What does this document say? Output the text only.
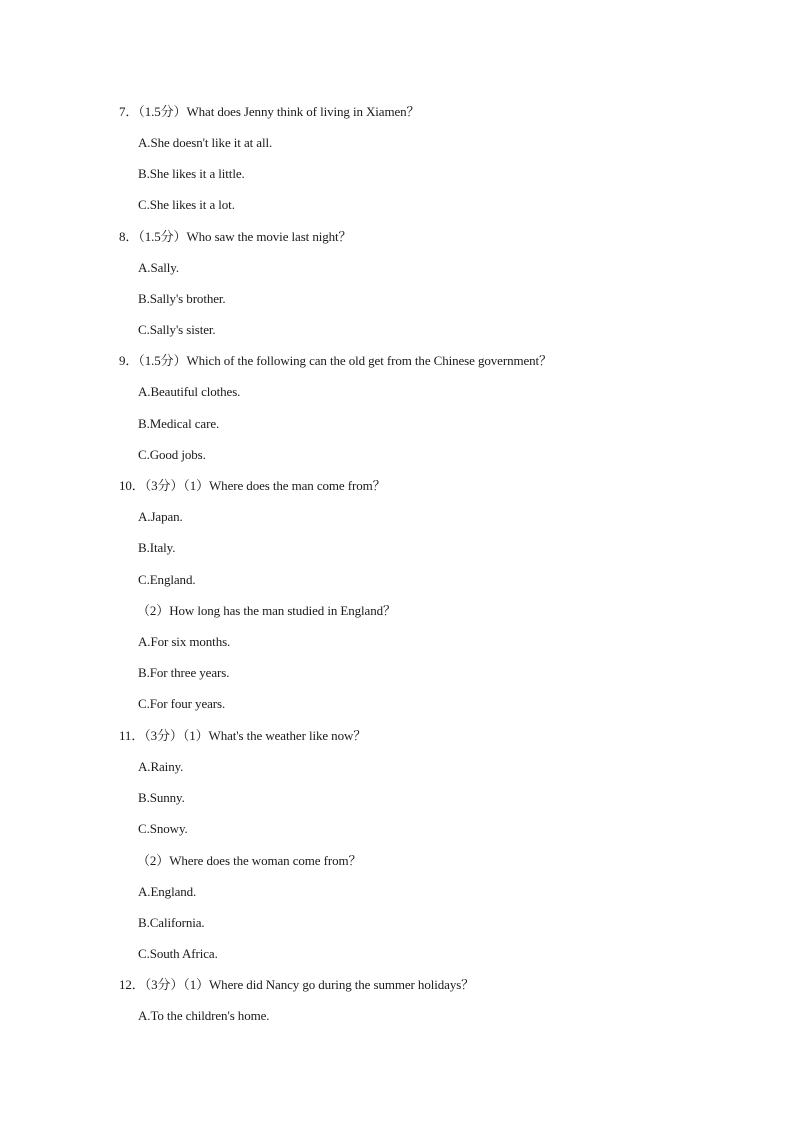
7．（1.5分）What does Jenny think of living in Xiamen？
A.She doesn't like it at all.
B.She likes it a little.
C.She likes it a lot.
8．（1.5分）Who saw the movie last night？
A.Sally.
B.Sally's brother.
C.Sally's sister.
9．（1.5分）Which of the following can the old get from the Chinese government？
A.Beautiful clothes.
B.Medical care.
C.Good jobs.
10．（3分）（1）Where does the man come from？
A.Japan.
B.Italy.
C.England.
（2）How long has the man studied in England？
A.For six months.
B.For three years.
C.For four years.
11．（3分）（1）What's the weather like now？
A.Rainy.
B.Sunny.
C.Snowy.
（2）Where does the woman come from？
A.England.
B.California.
C.South Africa.
12．（3分）（1）Where did Nancy go during the summer holidays？
A.To the children's home.
